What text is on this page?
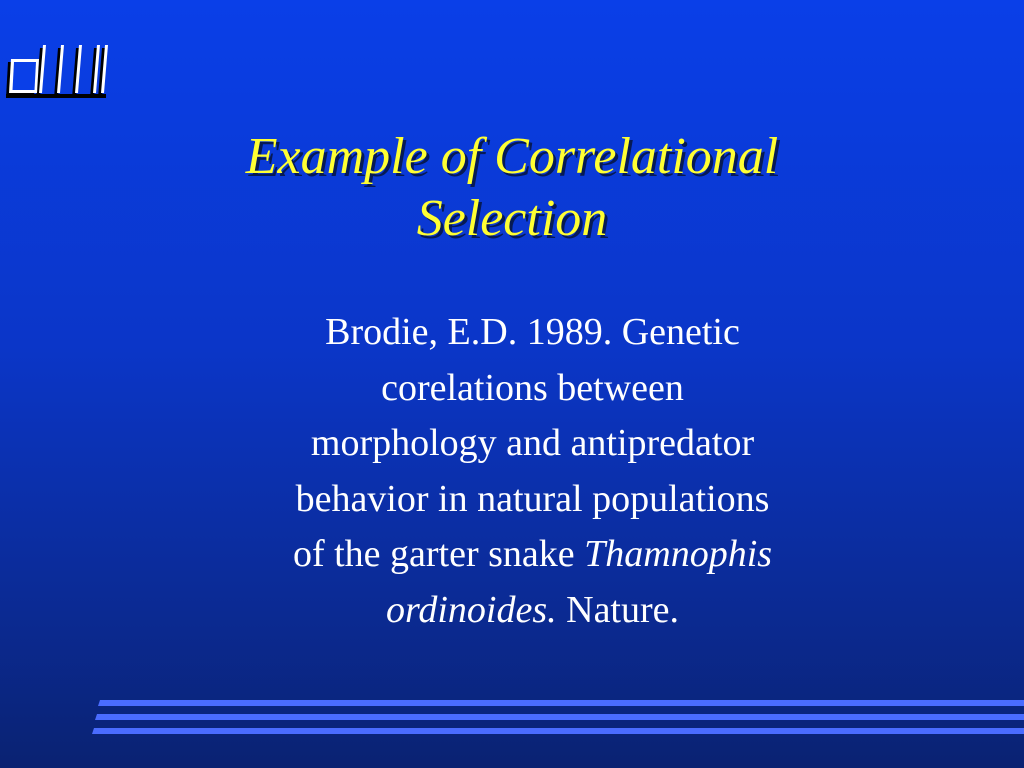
Example of Correlational
Selection
Brodie, E.D. 1989. Genetic
corelations between
morphology and antipredator
behavior in natural populations
of the garter snake Thamnophis
ordinoides. Nature.
